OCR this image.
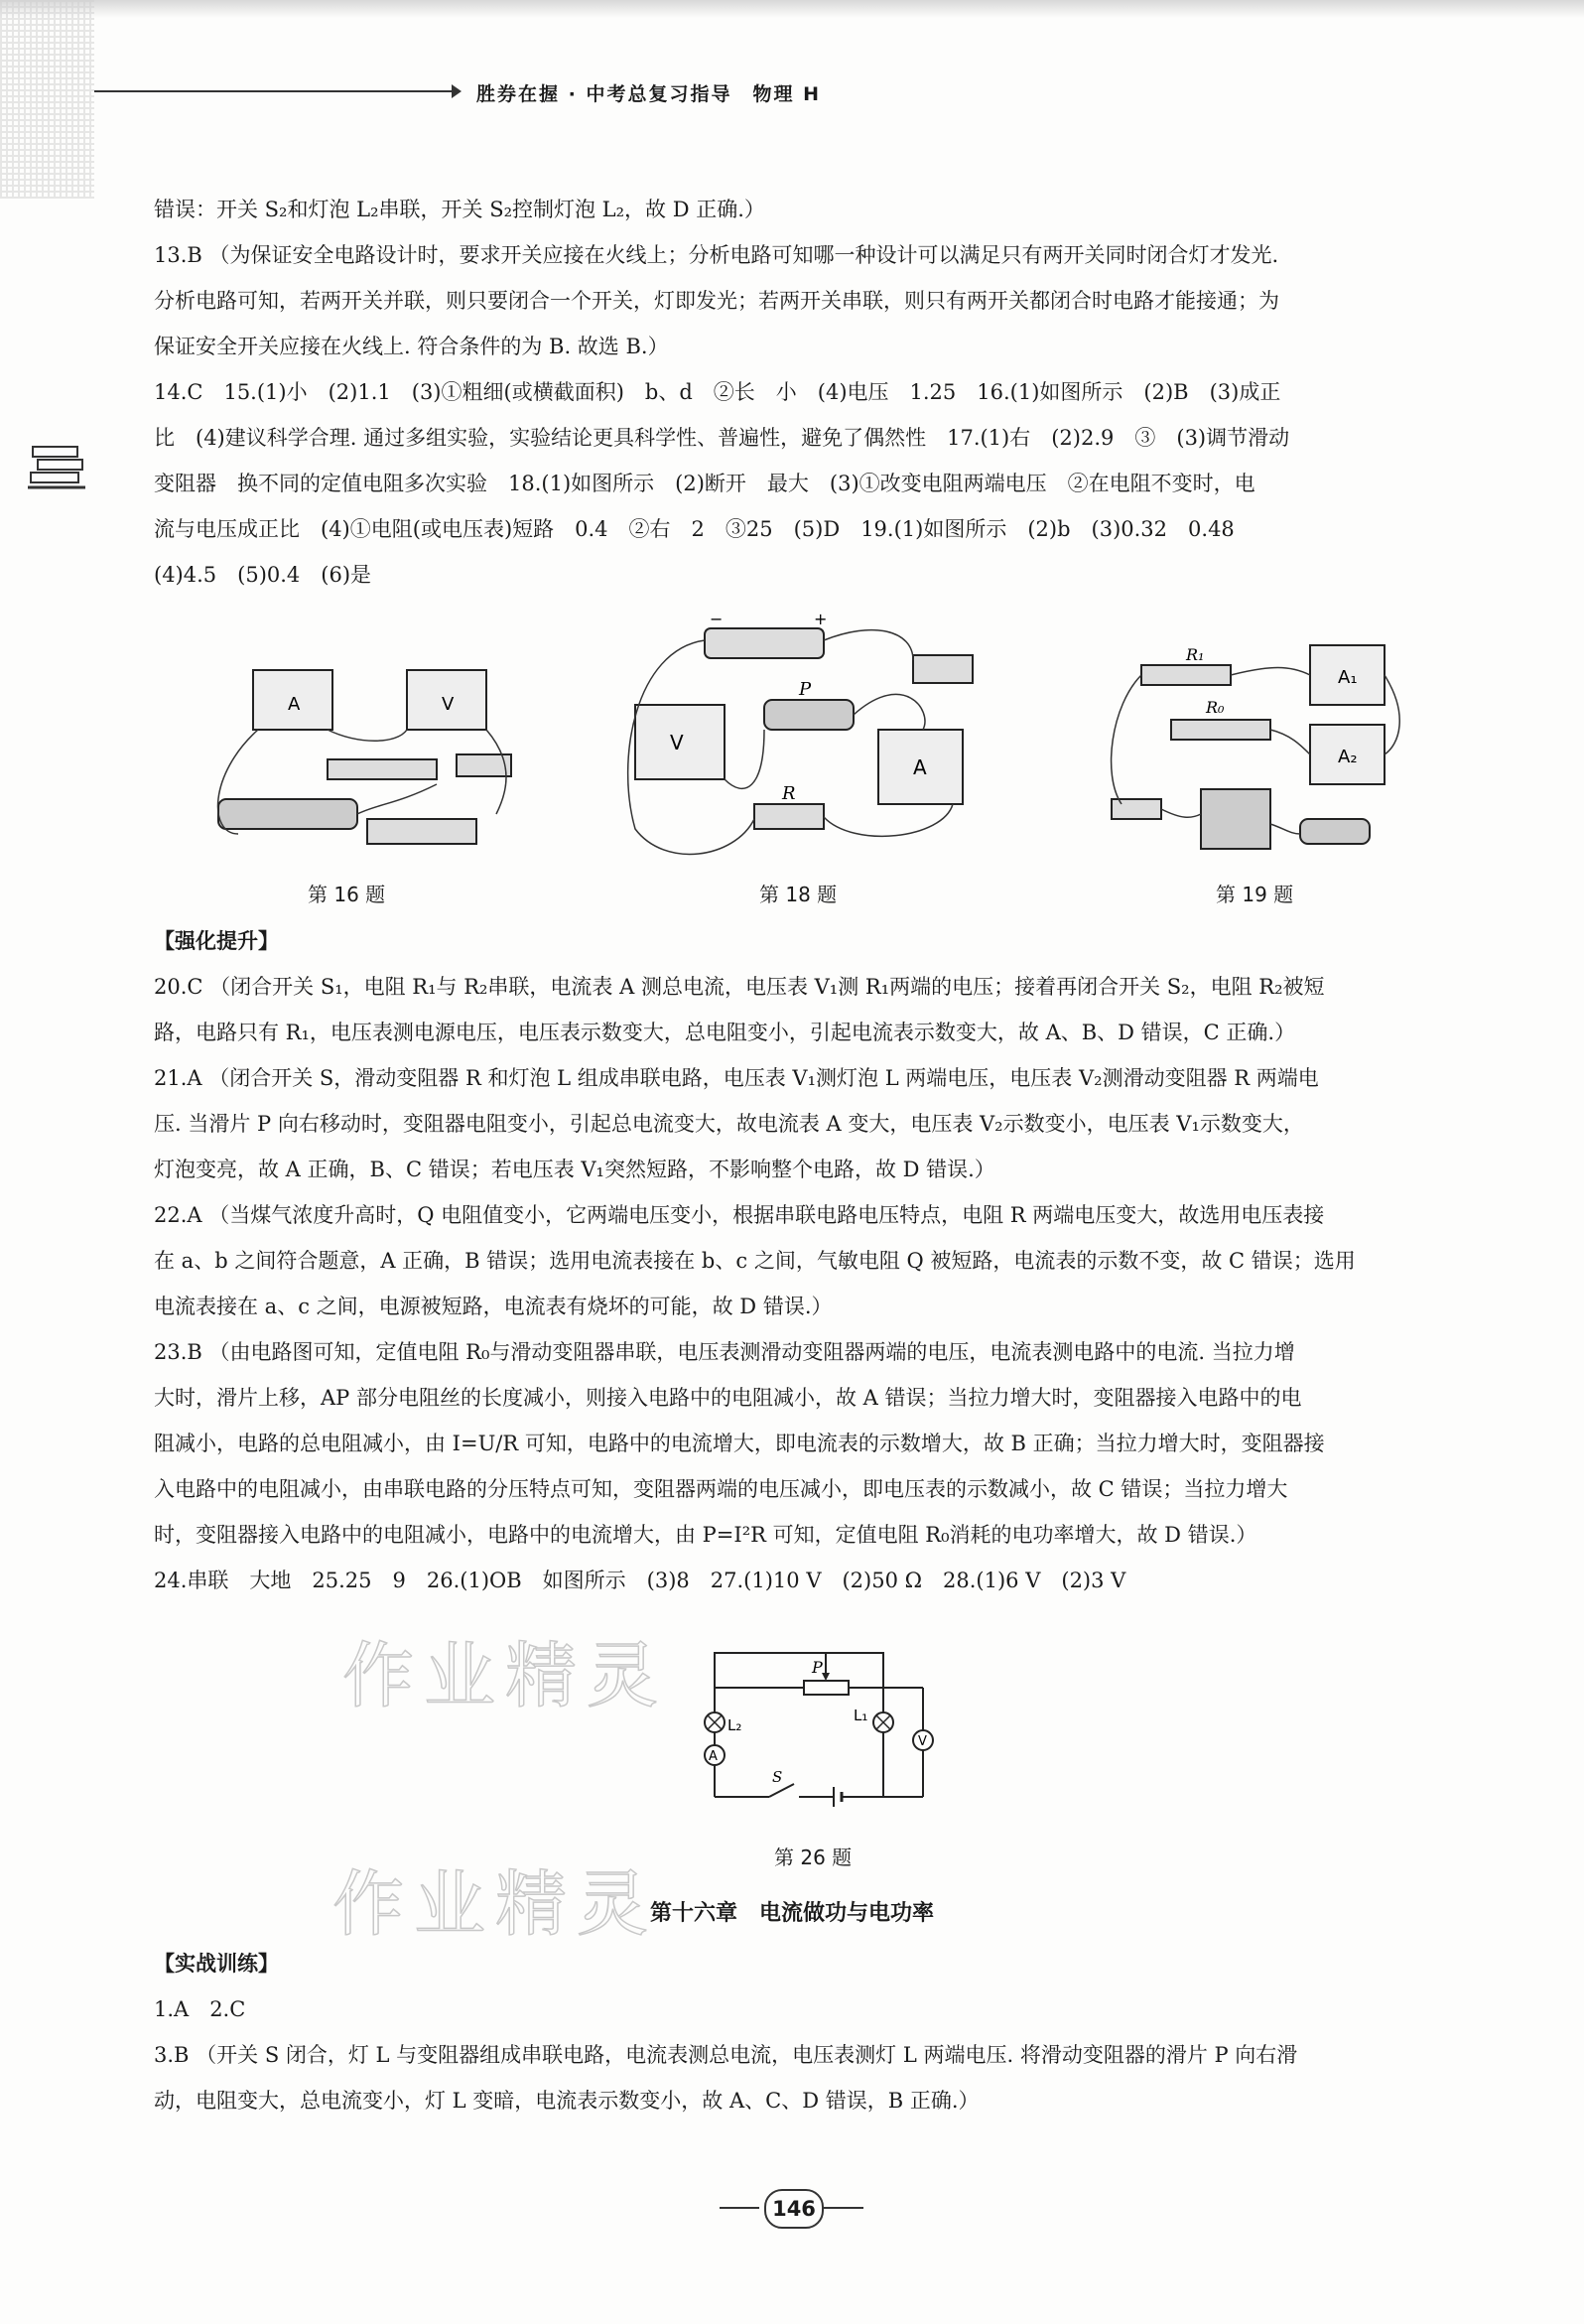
胜券在握 · 中考总复习指导　物理 H

错误：开关 S₂和灯泡 L₂串联，开关 S₂控制灯泡 L₂，故 D 正确.）

13.B （为保证安全电路设计时，要求开关应接在火线上；分析电路可知哪一种设计可以满足只有两开关同时闭合灯才发光.

分析电路可知，若两开关并联，则只要闭合一个开关，灯即发光；若两开关串联，则只有两开关都闭合时电路才能接通；为

保证安全开关应接在火线上. 符合条件的为 B. 故选 B.）

14.C　15.(1)小　(2)1.1　(3)①粗细(或横截面积)　b、d　②长　小　(4)电压　1.25　16.(1)如图所示　(2)B　(3)成正

比　(4)建议科学合理. 通过多组实验，实验结论更具科学性、普遍性，避免了偶然性　17.(1)右　(2)2.9　③　(3)调节滑动

变阻器　换不同的定值电阻多次实验　18.(1)如图所示　(2)断开　最大　(3)①改变电阻两端电压　②在电阻不变时，电

流与电压成正比　(4)①电阻(或电压表)短路　0.4　②右　2　③25　(5)D　19.(1)如图所示　(2)b　(3)0.32　0.48

(4)4.5　(5)0.4　(6)是

A	V
第 16 题
−	+
V
P
A
R
第 18 题
R₁
A₁
R₀
A₂
第 19 题

【强化提升】

20.C （闭合开关 S₁，电阻 R₁与 R₂串联，电流表 A 测总电流，电压表 V₁测 R₁两端的电压；接着再闭合开关 S₂，电阻 R₂被短

路，电路只有 R₁，电压表测电源电压，电压表示数变大，总电阻变小，引起电流表示数变大，故 A、B、D 错误，C 正确.）

21.A （闭合开关 S，滑动变阻器 R 和灯泡 L 组成串联电路，电压表 V₁测灯泡 L 两端电压，电压表 V₂测滑动变阻器 R 两端电

压. 当滑片 P 向右移动时，变阻器电阻变小，引起总电流变大，故电流表 A 变大，电压表 V₂示数变小，电压表 V₁示数变大，

灯泡变亮，故 A 正确，B、C 错误；若电压表 V₁突然短路，不影响整个电路，故 D 错误.）

22.A （当煤气浓度升高时，Q 电阻值变小，它两端电压变小，根据串联电路电压特点，电阻 R 两端电压变大，故选用电压表接

在 a、b 之间符合题意，A 正确，B 错误；选用电流表接在 b、c 之间，气敏电阻 Q 被短路，电流表的示数不变，故 C 错误；选用

电流表接在 a、c 之间，电源被短路，电流表有烧坏的可能，故 D 错误.）

23.B （由电路图可知，定值电阻 R₀与滑动变阻器串联，电压表测滑动变阻器两端的电压，电流表测电路中的电流. 当拉力增

大时，滑片上移，AP 部分电阻丝的长度减小，则接入电路中的电阻减小，故 A 错误；当拉力增大时，变阻器接入电路中的电

阻减小，电路的总电阻减小，由 I=U/R 可知，电路中的电流增大，即电流表的示数增大，故 B 正确；当拉力增大时，变阻器接

入电路中的电阻减小，由串联电路的分压特点可知，变阻器两端的电压减小，即电压表的示数减小，故 C 错误；当拉力增大

时，变阻器接入电路中的电阻减小，电路中的电流增大，由 P=I²R 可知，定值电阻 R₀消耗的电功率增大，故 D 错误.）

24.串联　大地　25.25　9　26.(1)OB　如图所示　(3)8　27.(1)10 V　(2)50 Ω　28.(1)6 V　(2)3 V

P
L₂
A
S
L₁
V
第 26 题
作业精灵
作业精灵
第十六章　电流做功与电功率

【实战训练】

1.A　2.C

3.B （开关 S 闭合，灯 L 与变阻器组成串联电路，电流表测总电流，电压表测灯 L 两端电压. 将滑动变阻器的滑片 P 向右滑

动，电阻变大，总电流变小，灯 L 变暗，电流表示数变小，故 A、C、D 错误，B 正确.）

146
